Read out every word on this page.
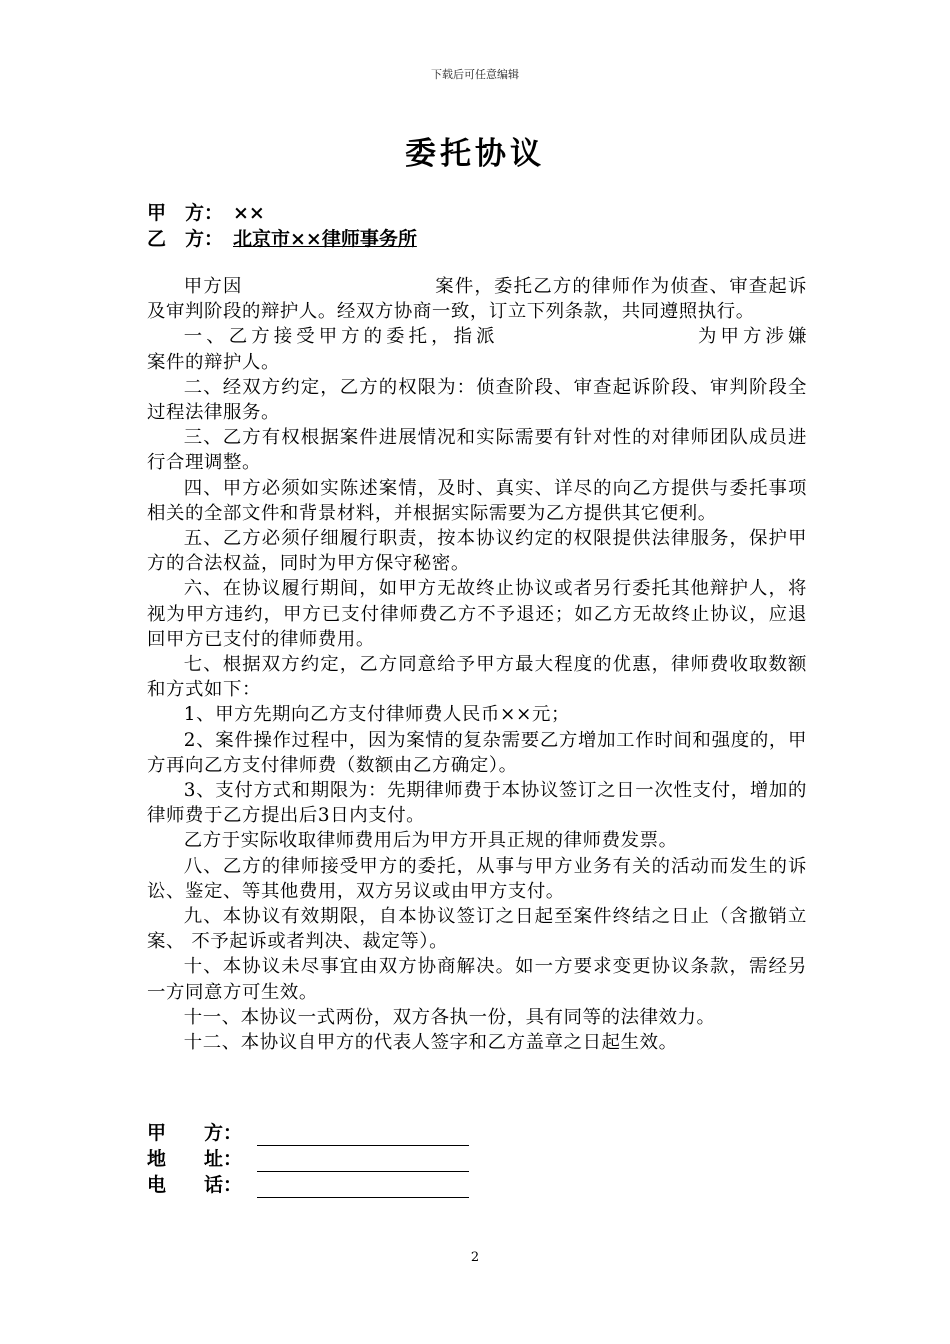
下载后可任意编辑
委托协议
甲　方： ××
乙　方： 北京市××律师事务所

甲方因	案件，委托乙方的律师作为侦查、审查起诉及审判阶段的辩护人。经双方协商一致，订立下列条款，共同遵照执行。

一、乙方接受甲方的委托，指派	为甲方涉嫌　　　　　　　案件的辩护人。

二、经双方约定，乙方的权限为：侦查阶段、审查起诉阶段、审判阶段全过程法律服务。

三、乙方有权根据案件进展情况和实际需要有针对性的对律师团队成员进行合理调整。

四、甲方必须如实陈述案情，及时、真实、详尽的向乙方提供与委托事项相关的全部文件和背景材料，并根据实际需要为乙方提供其它便利。

五、乙方必须仔细履行职责，按本协议约定的权限提供法律服务，保护甲方的合法权益，同时为甲方保守秘密。

六、在协议履行期间，如甲方无故终止协议或者另行委托其他辩护人，将视为甲方违约，甲方已支付律师费乙方不予退还；如乙方无故终止协议，应退回甲方已支付的律师费用。

七、根据双方约定，乙方同意给予甲方最大程度的优惠，律师费收取数额和方式如下：

1、甲方先期向乙方支付律师费人民币××元；

2、案件操作过程中，因为案情的复杂需要乙方增加工作时间和强度的，甲方再向乙方支付律师费（数额由乙方确定）。

3、支付方式和期限为：先期律师费于本协议签订之日一次性支付，增加的律师费于乙方提出后3日内支付。

乙方于实际收取律师费用后为甲方开具正规的律师费发票。

八、乙方的律师接受甲方的委托，从事与甲方业务有关的活动而发生的诉讼、鉴定、等其他费用，双方另议或由甲方支付。

九、本协议有效期限，自本协议签订之日起至案件终结之日止（含撤销立案、 不予起诉或者判决、裁定等）。

十、本协议未尽事宜由双方协商解决。如一方要求变更协议条款，需经另一方同意方可生效。

十一、本协议一式两份，双方各执一份，具有同等的法律效力。

十二、本协议自甲方的代表人签字和乙方盖章之日起生效。

甲　　方：
地　　址：
电　　话：
2
